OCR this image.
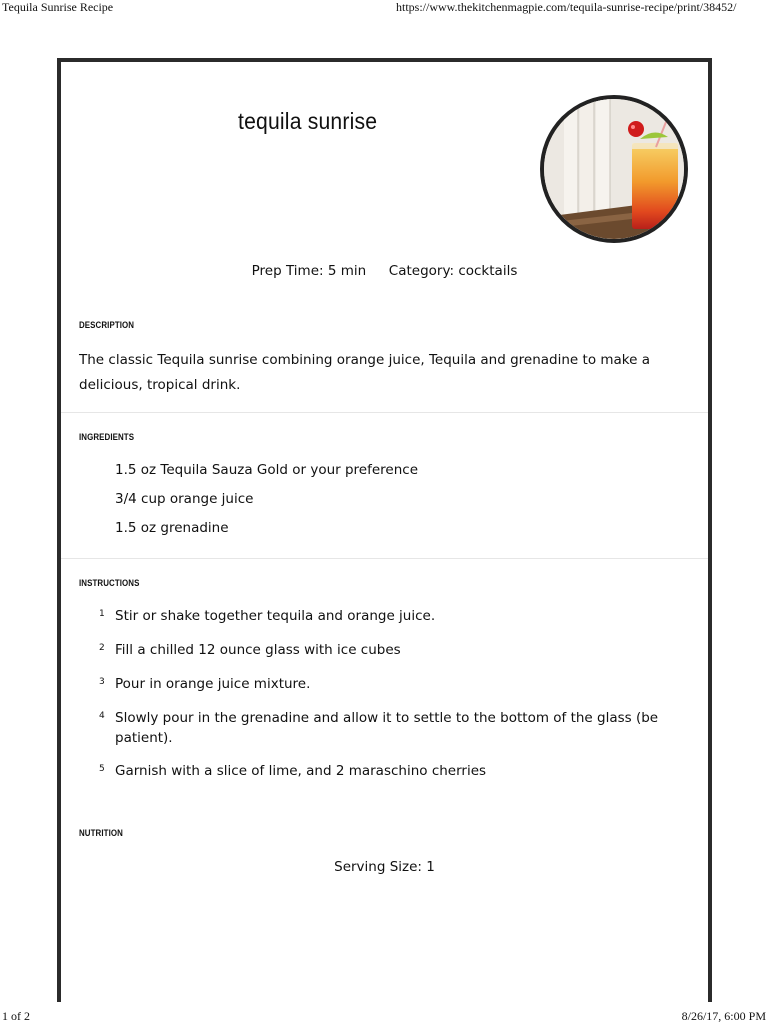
Tequila Sunrise Recipe	https://www.thekitchenmagpie.com/tequila-sunrise-recipe/print/38452/
tequila sunrise
Prep Time: 5 min Category: cocktails
DESCRIPTION
The classic Tequila sunrise combining orange juice, Tequila and grenadine to make a delicious, tropical drink.
INGREDIENTS
1.5 oz Tequila Sauza Gold or your preference
3/4 cup orange juice
1.5 oz grenadine
INSTRUCTIONS
1 Stir or shake together tequila and orange juice.
2 Fill a chilled 12 ounce glass with ice cubes
3 Pour in orange juice mixture.
4 Slowly pour in the grenadine and allow it to settle to the bottom of the glass (be patient).
5 Garnish with a slice of lime, and 2 maraschino cherries
NUTRITION
Serving Size: 1
1 of 2	8/26/17, 6:00 PM
